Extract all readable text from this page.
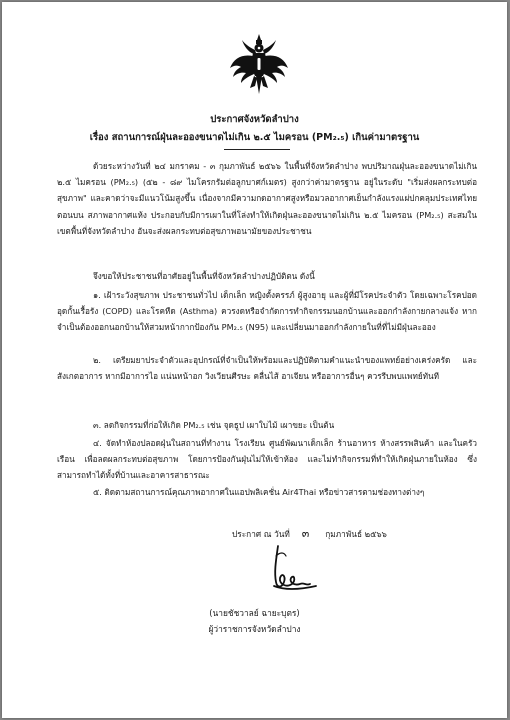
ประกาศจังหวัดลำปาง
เรื่อง สถานการณ์ฝุ่นละอองขนาดไม่เกิน ๒.๕ ไมครอน (PM₂.₅) เกินค่ามาตรฐาน
ด้วยระหว่างวันที่ ๒๔ มกราคม - ๓ กุมภาพันธ์ ๒๕๖๖ ในพื้นที่จังหวัดลำปาง พบปริมาณฝุ่นละอองขนาดไม่เกิน ๒.๕ ไมครอน (PM₂.₅) (๕๒ - ๘๙ ไมโครกรัมต่อลูกบาศก์เมตร) สูงกว่าค่ามาตรฐาน อยู่ในระดับ "เริ่มส่งผลกระทบต่อสุขภาพ" และคาดว่าจะมีแนวโน้มสูงขึ้น เนื่องจากมีความกดอากาศสูงหรือมวลอากาศเย็นกำลังแรงแผ่ปกคลุมประเทศไทยตอนบน สภาพอากาศแห้ง ประกอบกับมีการเผาในที่โล่งทำให้เกิดฝุ่นละอองขนาดไม่เกิน ๒.๕ ไมครอน (PM₂.₅) สะสมในเขตพื้นที่จังหวัดลำปาง อันจะส่งผลกระทบต่อสุขภาพอนามัยของประชาชน
จึงขอให้ประชาชนที่อาศัยอยู่ในพื้นที่จังหวัดลำปางปฏิบัติตน ดังนี้
๑. เฝ้าระวังสุขภาพ ประชาชนทั่วไป เด็กเล็ก หญิงตั้งครรภ์ ผู้สูงอายุ และผู้ที่มีโรคประจำตัว โดยเฉพาะโรคปอดอุดกั้นเรื้อรัง (COPD) และโรคหืด (Asthma) ควรงดหรือจำกัดการทำกิจกรรมนอกบ้านและออกกำลังกายกลางแจ้ง หากจำเป็นต้องออกนอกบ้านให้สวมหน้ากากป้องกัน PM₂.₅ (N95) และเปลี่ยนมาออกกำลังกายในที่ที่ไม่มีฝุ่นละออง
๒. เตรียมยาประจำตัวและอุปกรณ์ที่จำเป็นให้พร้อมและปฏิบัติตามคำแนะนำของแพทย์อย่างเคร่งครัด และสังเกตอาการ หากมีอาการไอ แน่นหน้าอก วิงเวียนศีรษะ คลื่นไส้ อาเจียน หรืออาการอื่นๆ ควรรีบพบแพทย์ทันที
๓. ลดกิจกรรมที่ก่อให้เกิด PM₂.₅ เช่น จุดธูป เผาใบไม้ เผาขยะ เป็นต้น
๔. จัดทำห้องปลอดฝุ่นในสถานที่ทำงาน โรงเรียน ศูนย์พัฒนาเด็กเล็ก ร้านอาหาร ห้างสรรพสินค้า และในครัวเรือน เพื่อลดผลกระทบต่อสุขภาพ โดยการป้องกันฝุ่นไม่ให้เข้าห้อง และไม่ทำกิจกรรมที่ทำให้เกิดฝุ่นภายในห้อง ซึ่งสามารถทำได้ทั้งที่บ้านและอาคารสาธารณะ
๕. ติดตามสถานการณ์คุณภาพอากาศในแอปพลิเคชั่น Air4Thai หรือข่าวสารตามช่องทางต่างๆ
ประกาศ ณ วันที่ ๓ กุมภาพันธ์ ๒๕๖๖
(นายชัชวาลย์ ฉายะบุตร)
ผู้ว่าราชการจังหวัดลำปาง
